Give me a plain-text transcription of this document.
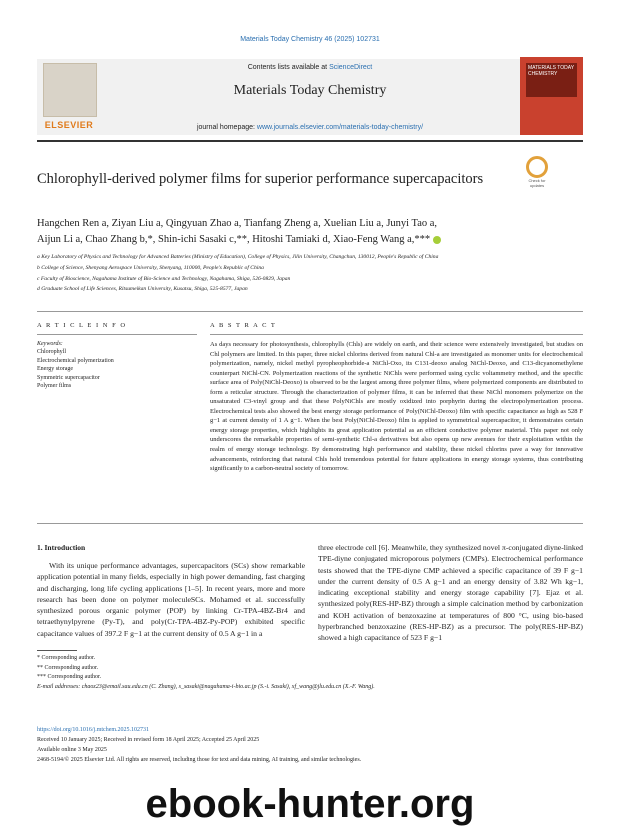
Materials Today Chemistry 46 (2025) 102731
ELSEVIER
Contents lists available at ScienceDirect
Materials Today Chemistry
journal homepage: www.journals.elsevier.com/materials-today-chemistry/
MATERIALS TODAY CHEMISTRY
Chlorophyll-derived polymer films for superior performance supercapacitors	Check for updates
Hangchen Ren a, Ziyan Liu a, Qingyuan Zhao a, Tianfang Zheng a, Xuelian Liu a, Junyi Tao a,
Aijun Li a, Chao Zhang b,*, Shin-ichi Sasaki c,**, Hitoshi Tamiaki d, Xiao-Feng Wang a,***
a Key Laboratory of Physics and Technology for Advanced Batteries (Ministry of Education), College of Physics, Jilin University, Changchun, 130012, People's Republic of China
b College of Science, Shenyang Aerospace University, Shenyang, 110000, People's Republic of China
c Faculty of Bioscience, Nagahama Institute of Bio-Science and Technology, Nagahama, Shiga, 526-0829, Japan
d Graduate School of Life Sciences, Ritsumeikan University, Kusatsu, Shiga, 525-8577, Japan
A R T I C L E I N F O	A B S T R A C T
Keywords:
Chlorophyll
Electrochemical polymerization
Energy storage
Symmetric supercapacitor
Polymer films
As days necessary for photosynthesis, chlorophylls (Chls) are widely on earth, and their science were extensively investigated, but studies on Chl polymers are limited. In this paper, three nickel chlorins derived from natural Chl-a are investigated as monomer units for electrochemical polymerization, namely, nickel methyl pyropheophorbide-a NiChl-Oxo, its C131-deoxo analog NiChl-Deoxo, and C13-dicyanomethylene counterpart NiChl-CN. Polymerization reactions of the synthetic NiChls were performed using cyclic voltammetry method, and the specific surface area of Poly(NiChl-Deoxo) is observed to be the largest among three polymer films, where polymerized components are distributed to form a reticular structure. Through the characterization of polymer films, it can be inferred that these NiChl monomers polymerize on the unsaturated C3-vinyl group and that these PolyNiChls are mostly oxidized into porphyrin during the electropolymerization process. Electrochemical tests also showed the best energy storage performance of Poly(NiChl-Deoxo) film with specific capacitance as high as 528 F g−1 at current density of 1 A g−1. When the best Poly(NiChl-Deoxo) film is applied to symmetrical supercapacitor, it demonstrates certain energy storage properties, which highlights its great application potential as an efficient conductive polymer material. This paper not only underscores the remarkable properties of semi-synthetic Chl-a derivatives but also opens up new avenues for their exploitation within the realm of energy storage technology. By demonstrating high performance and stability, these nickel chlorins pave a way for innovative advancements, reinforcing that natural Chls hold tremendous potential for future applications in energy storage systems, thus contributing significantly to a carbon-neutral society of tomorrow.
1. Introduction

With its unique performance advantages, supercapacitors (SCs) show remarkable application potential in many fields, especially in high power demanding, fast charging and discharging, long life cycling applications [1–5]. In recent years, more and more research has been done on polymer moleculeSCs. Mohamed et al. successfully synthesized porous organic polymer (POP) by linking Cr-TPA-4BZ-Br4 and tetraethynylpyrene (Py-T), and poly(Cr-TPA-4BZ-Py-POP) exhibited specific capacitance values of 397.2 F g−1 at the current density of 0.5 A g−1 in a

three electrode cell [6]. Meanwhile, they synthesized novel π-conjugated diyne-linked TPE-diyne conjugated microporous polymers (CMPs). Electrochemical performance tests showed that the TPE-diyne CMP achieved a specific capacitance of 39 F g−1 under the current density of 0.5 A g−1 and an energy density of 3.82 Wh kg−1, indicating exceptional stability and energy storage capability [7]. Ejaz et al. synthesized poly(RES-HP-BZ) through a simple calcination method by carbonization and KOH activation of benzoxazine at temperatures of 800 °C, using bio-based hyperbranched benzoxazine (RES-HP-BZ) as a precursor. The poly(RES-HP-BZ) showed a high capacitance of 523 F g−1

* Corresponding author.
** Corresponding author.
*** Corresponding author.
E-mail addresses: chaoz23@email.sau.edu.cn (C. Zhang), s_sasaki@nagahama-i-bio.ac.jp (S.-i. Sasaki), xf_wang@jlu.edu.cn (X.-F. Wang).
https://doi.org/10.1016/j.mtchem.2025.102731
Received 10 January 2025; Received in revised form 18 April 2025; Accepted 25 April 2025
Available online 3 May 2025
2468-5194/© 2025 Elsevier Ltd. All rights are reserved, including those for text and data mining, AI training, and similar technologies.
ebook-hunter.org
